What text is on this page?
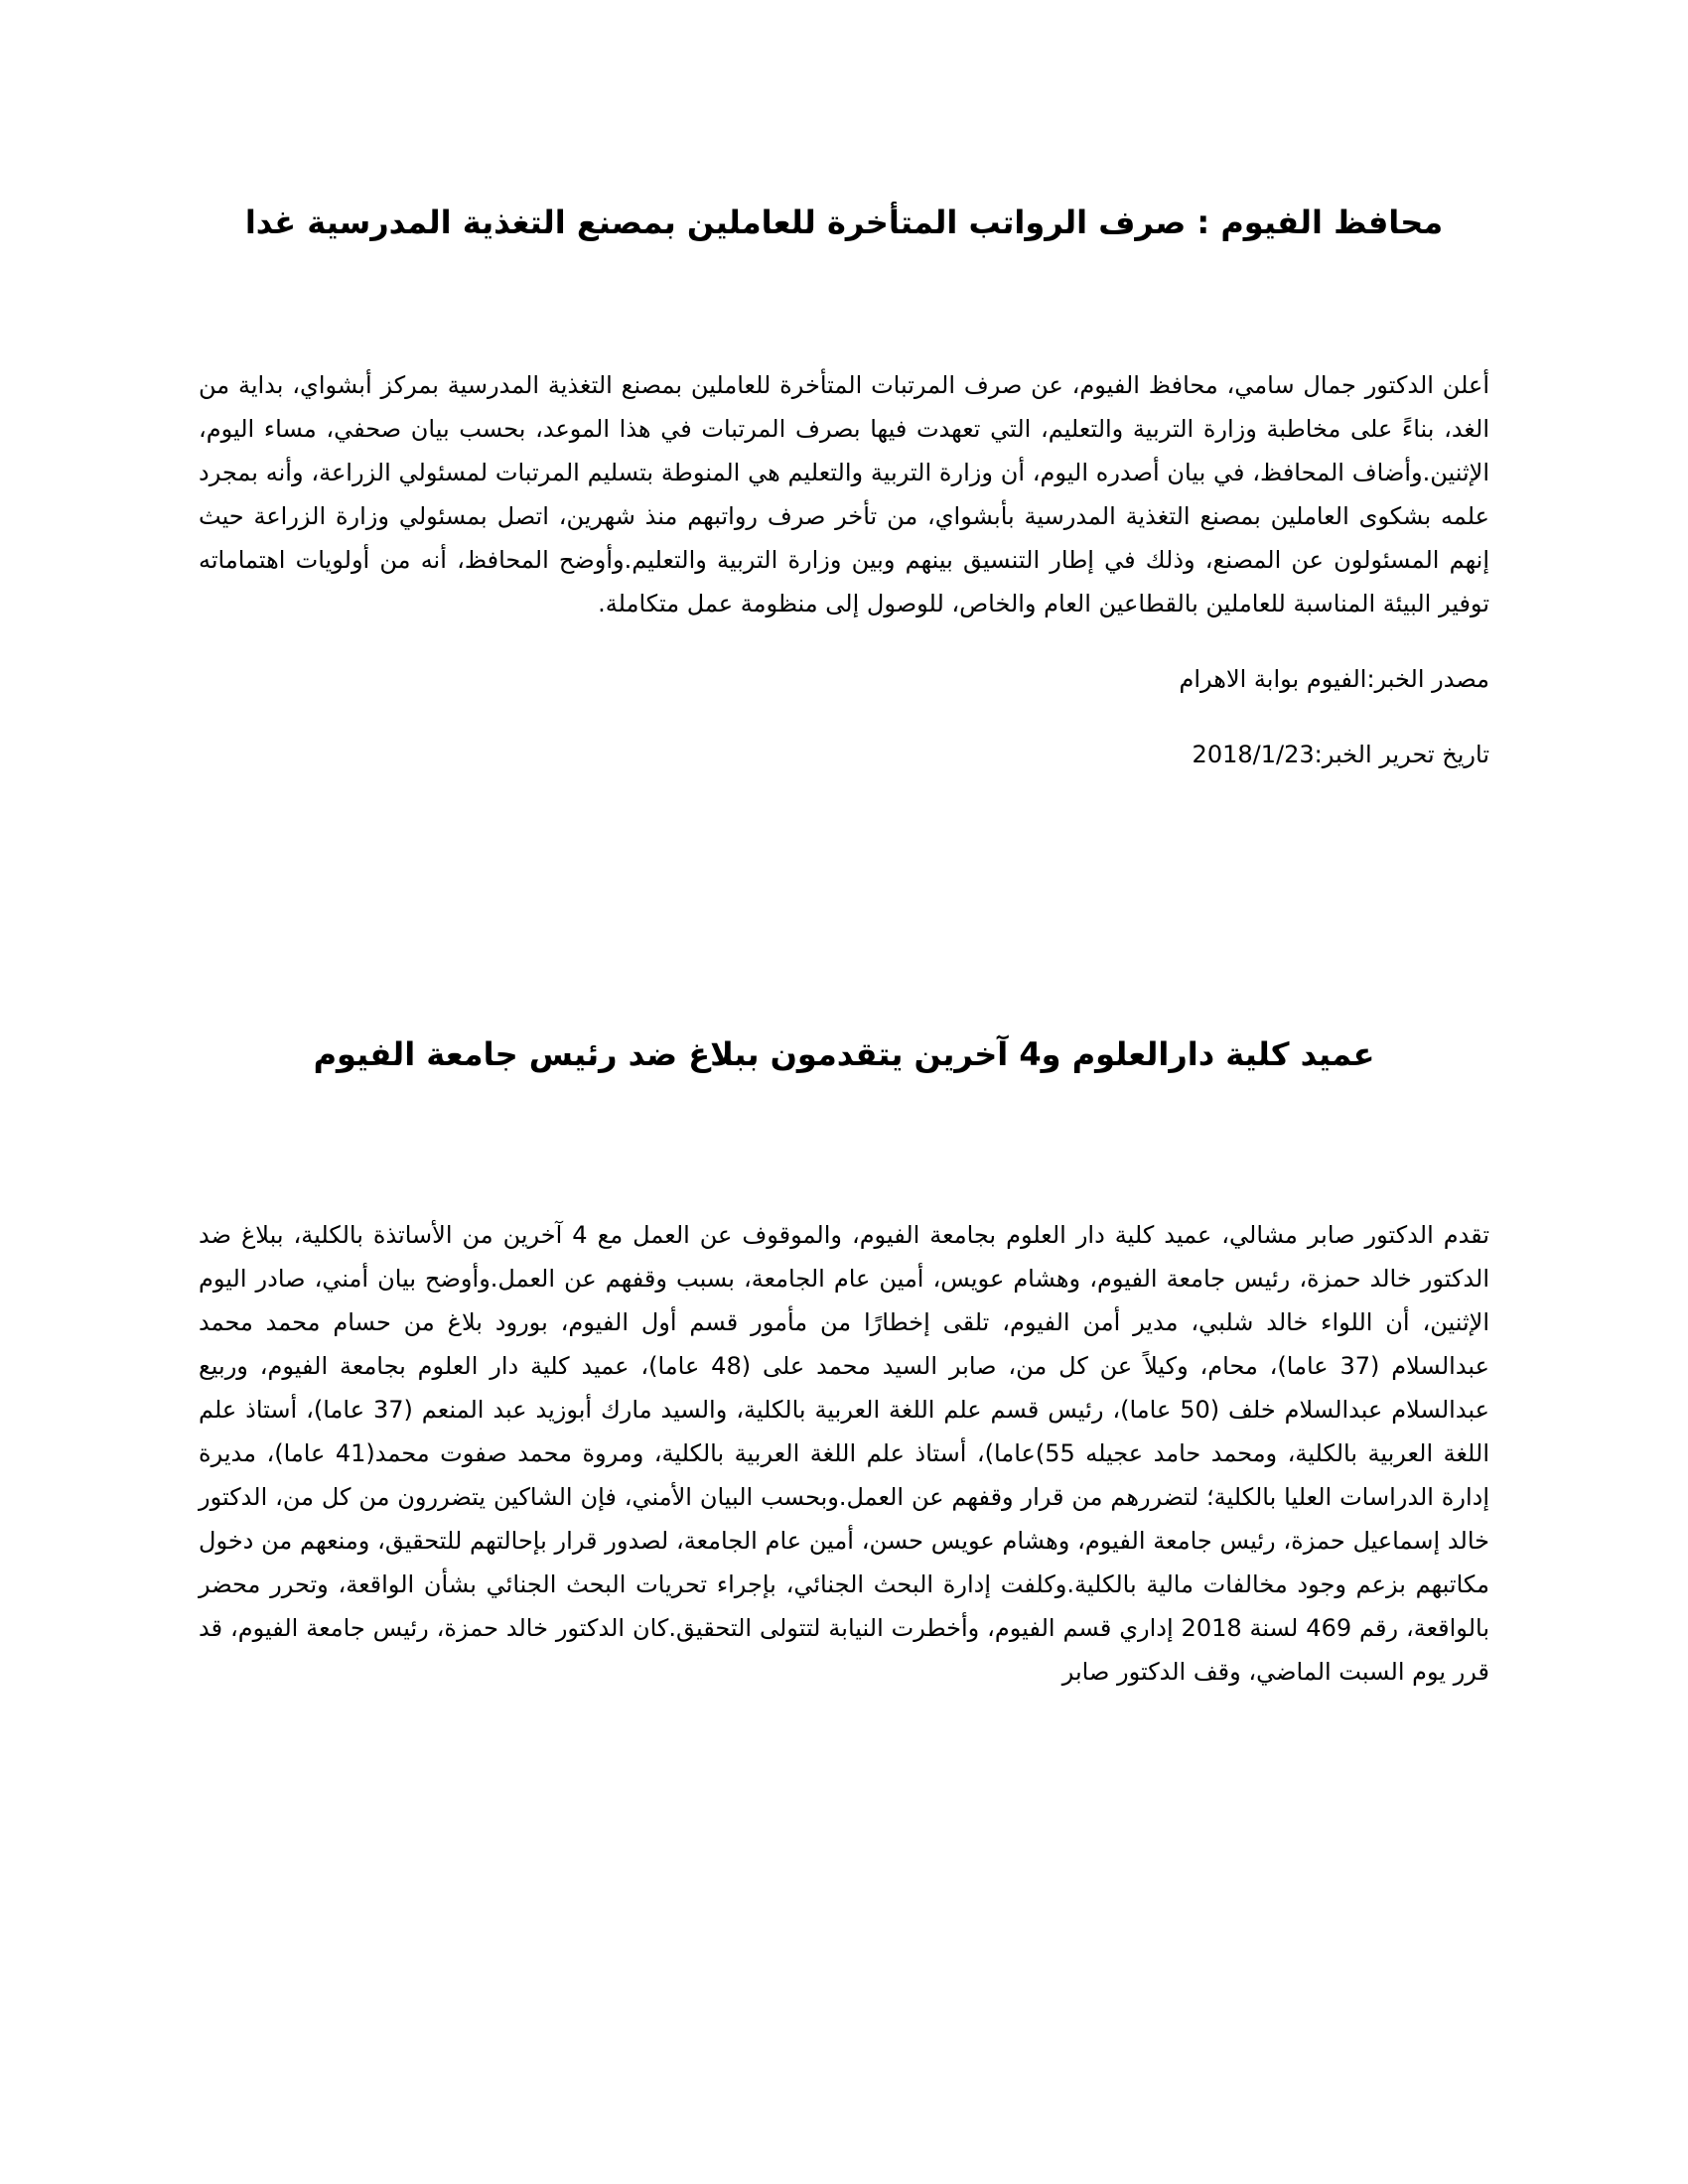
محافظ الفيوم : صرف الرواتب المتأخرة للعاملين بمصنع التغذية المدرسية غدا

أعلن الدكتور جمال سامي، محافظ الفيوم، عن صرف المرتبات المتأخرة للعاملين بمصنع التغذية المدرسية بمركز أبشواي، بداية من الغد، بناءً على مخاطبة وزارة التربية والتعليم، التي تعهدت فيها بصرف المرتبات في هذا الموعد، بحسب بيان صحفي، مساء اليوم، الإثنين.وأضاف المحافظ، في بيان أصدره اليوم، أن وزارة التربية والتعليم هي المنوطة بتسليم المرتبات لمسئولي الزراعة، وأنه بمجرد علمه بشكوى العاملين بمصنع التغذية المدرسية بأبشواي، من تأخر صرف رواتبهم منذ شهرين، اتصل بمسئولي وزارة الزراعة حيث إنهم المسئولون عن المصنع، وذلك في إطار التنسيق بينهم وبين وزارة التربية والتعليم.وأوضح المحافظ، أنه من أولويات اهتماماته توفير البيئة المناسبة للعاملين بالقطاعين العام والخاص، للوصول إلى منظومة عمل متكاملة.

مصدر الخبر:الفيوم بوابة الاهرام

تاريخ تحرير الخبر:2018/1/23

عميد كلية دارالعلوم و4 آخرين يتقدمون ببلاغ ضد رئيس جامعة الفيوم

تقدم الدكتور صابر مشالي، عميد كلية دار العلوم بجامعة الفيوم، والموقوف عن العمل مع 4 آخرين من الأساتذة بالكلية، ببلاغ ضد الدكتور خالد حمزة، رئيس جامعة الفيوم، وهشام عويس، أمين عام الجامعة، بسبب وقفهم عن العمل.وأوضح بيان أمني، صادر اليوم الإثنين، أن اللواء خالد شلبي، مدير أمن الفيوم، تلقى إخطارًا من مأمور قسم أول الفيوم، بورود بلاغ من حسام محمد محمد عبدالسلام (37 عاما)، محام، وكيلاً عن كل من، صابر السيد محمد على (48 عاما)، عميد كلية دار العلوم بجامعة الفيوم، وربيع عبدالسلام عبدالسلام خلف (50 عاما)، رئيس قسم علم اللغة العربية بالكلية، والسيد مارك أبوزيد عبد المنعم (37 عاما)، أستاذ علم اللغة العربية بالكلية، ومحمد حامد عجيله 55)عاما)، أستاذ علم اللغة العربية بالكلية، ومروة محمد صفوت محمد(41 عاما)، مديرة إدارة الدراسات العليا بالكلية؛ لتضررهم من قرار وقفهم عن العمل.وبحسب البيان الأمني، فإن الشاكين يتضررون من كل من، الدكتور خالد إسماعيل حمزة، رئيس جامعة الفيوم، وهشام عويس حسن، أمين عام الجامعة، لصدور قرار بإحالتهم للتحقيق، ومنعهم من دخول مكاتبهم بزعم وجود مخالفات مالية بالكلية.وكلفت إدارة البحث الجنائي، بإجراء تحريات البحث الجنائي بشأن الواقعة، وتحرر محضر بالواقعة، رقم 469 لسنة 2018 إداري قسم الفيوم، وأخطرت النيابة لتتولى التحقيق.كان الدكتور خالد حمزة، رئيس جامعة الفيوم، قد قرر يوم السبت الماضي، وقف الدكتور صابر
